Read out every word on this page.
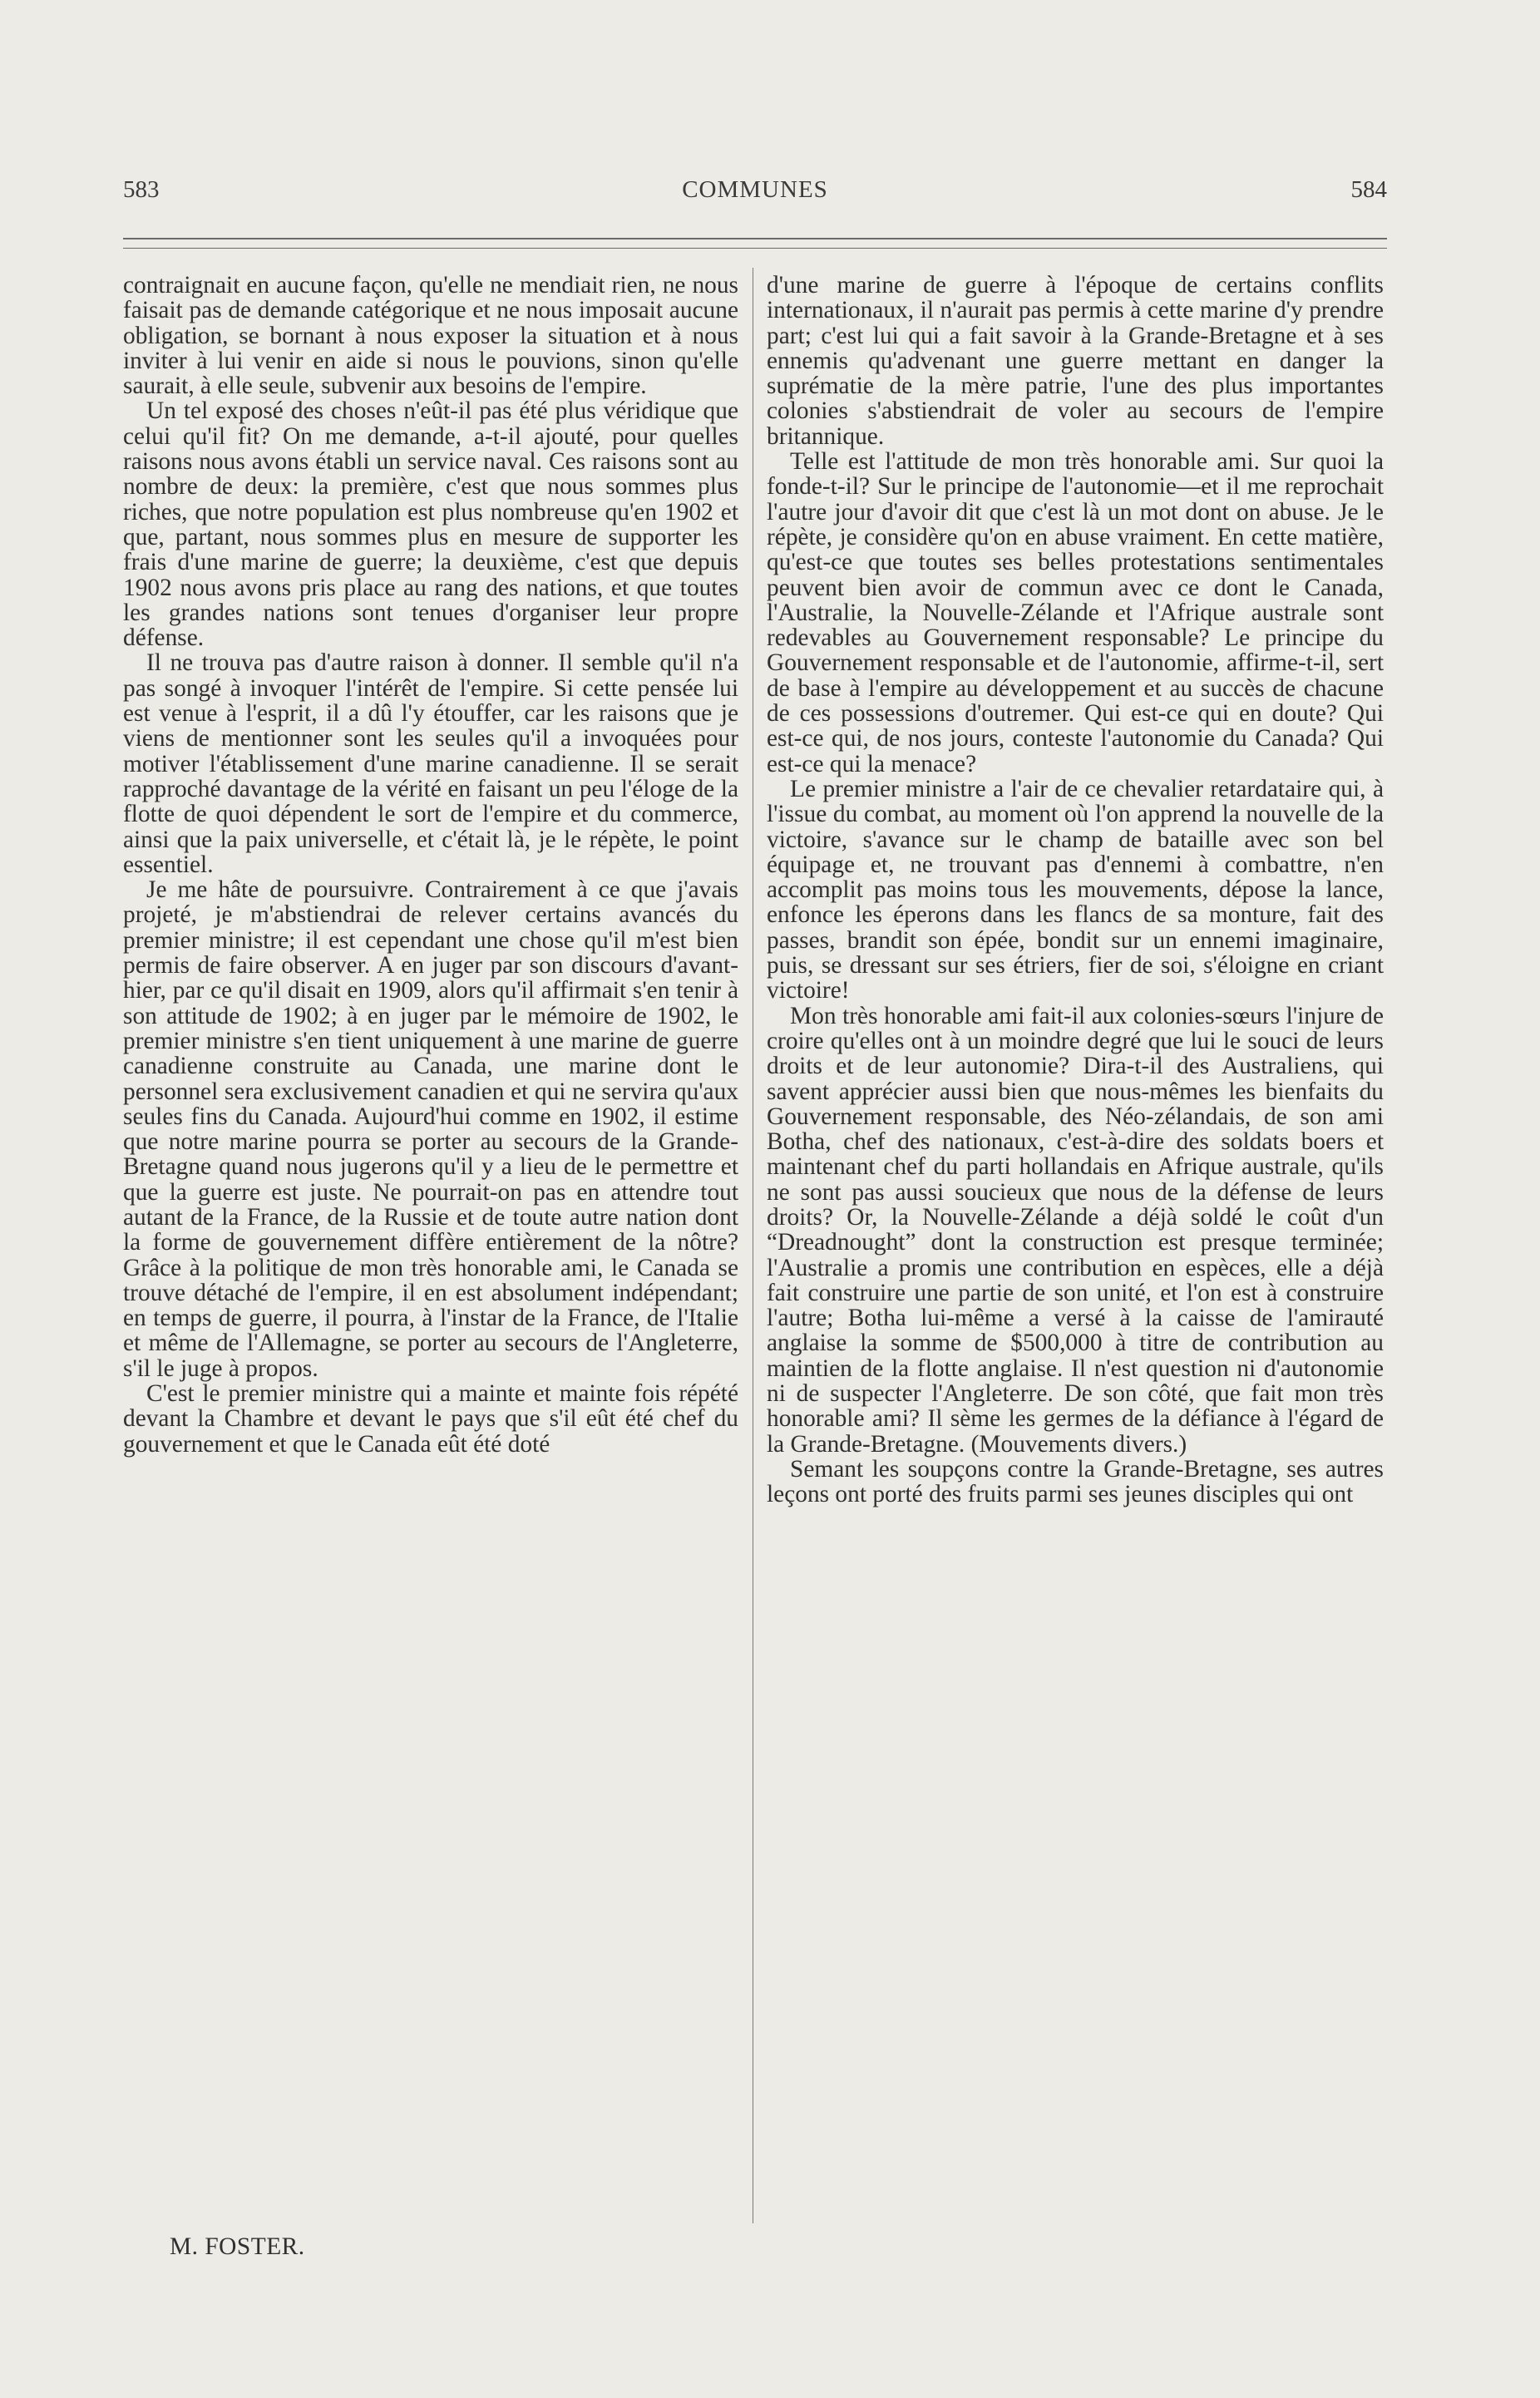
583	COMMUNES	584

contraignait en aucune façon, qu'elle ne mendiait rien, ne nous faisait pas de demande catégorique et ne nous imposait aucune obligation, se bornant à nous exposer la situation et à nous inviter à lui venir en aide si nous le pouvions, sinon qu'elle saurait, à elle seule, subvenir aux besoins de l'empire.

Un tel exposé des choses n'eût-il pas été plus véridique que celui qu'il fit? On me demande, a-t-il ajouté, pour quelles raisons nous avons établi un service naval. Ces raisons sont au nombre de deux: la première, c'est que nous sommes plus riches, que notre population est plus nombreuse qu'en 1902 et que, partant, nous sommes plus en mesure de supporter les frais d'une marine de guerre; la deuxième, c'est que depuis 1902 nous avons pris place au rang des nations, et que toutes les grandes nations sont tenues d'organiser leur propre défense.

Il ne trouva pas d'autre raison à donner. Il semble qu'il n'a pas songé à invoquer l'intérêt de l'empire. Si cette pensée lui est venue à l'esprit, il a dû l'y étouffer, car les raisons que je viens de mentionner sont les seules qu'il a invoquées pour motiver l'établissement d'une marine canadienne. Il se serait rapproché davantage de la vérité en faisant un peu l'éloge de la flotte de quoi dépendent le sort de l'empire et du commerce, ainsi que la paix universelle, et c'était là, je le répète, le point essentiel.

Je me hâte de poursuivre. Contrairement à ce que j'avais projeté, je m'abstiendrai de relever certains avancés du premier ministre; il est cependant une chose qu'il m'est bien permis de faire observer. A en juger par son discours d'avant-hier, par ce qu'il disait en 1909, alors qu'il affirmait s'en tenir à son attitude de 1902; à en juger par le mémoire de 1902, le premier ministre s'en tient uniquement à une marine de guerre canadienne construite au Canada, une marine dont le personnel sera exclusivement canadien et qui ne servira qu'aux seules fins du Canada. Aujourd'hui comme en 1902, il estime que notre marine pourra se porter au secours de la Grande-Bretagne quand nous jugerons qu'il y a lieu de le permettre et que la guerre est juste. Ne pourrait-on pas en attendre tout autant de la France, de la Russie et de toute autre nation dont la forme de gouvernement diffère entièrement de la nôtre? Grâce à la politique de mon très honorable ami, le Canada se trouve détaché de l'empire, il en est absolument indépendant; en temps de guerre, il pourra, à l'instar de la France, de l'Italie et même de l'Allemagne, se porter au secours de l'Angleterre, s'il le juge à propos.

C'est le premier ministre qui a mainte et mainte fois répété devant la Chambre et devant le pays que s'il eût été chef du gouvernement et que le Canada eût été doté

d'une marine de guerre à l'époque de certains conflits internationaux, il n'aurait pas permis à cette marine d'y prendre part; c'est lui qui a fait savoir à la Grande-Bretagne et à ses ennemis qu'advenant une guerre mettant en danger la suprématie de la mère patrie, l'une des plus importantes colonies s'abstiendrait de voler au secours de l'empire britannique.

Telle est l'attitude de mon très honorable ami. Sur quoi la fonde-t-il? Sur le principe de l'autonomie—et il me reprochait l'autre jour d'avoir dit que c'est là un mot dont on abuse. Je le répète, je considère qu'on en abuse vraiment. En cette matière, qu'est-ce que toutes ses belles protestations sentimentales peuvent bien avoir de commun avec ce dont le Canada, l'Australie, la Nouvelle-Zélande et l'Afrique australe sont redevables au Gouvernement responsable? Le principe du Gouvernement responsable et de l'autonomie, affirme-t-il, sert de base à l'empire au développement et au succès de chacune de ces possessions d'outremer. Qui est-ce qui en doute? Qui est-ce qui, de nos jours, conteste l'autonomie du Canada? Qui est-ce qui la menace?

Le premier ministre a l'air de ce chevalier retardataire qui, à l'issue du combat, au moment où l'on apprend la nouvelle de la victoire, s'avance sur le champ de bataille avec son bel équipage et, ne trouvant pas d'ennemi à combattre, n'en accomplit pas moins tous les mouvements, dépose la lance, enfonce les éperons dans les flancs de sa monture, fait des passes, brandit son épée, bondit sur un ennemi imaginaire, puis, se dressant sur ses étriers, fier de soi, s'éloigne en criant victoire!

Mon très honorable ami fait-il aux colonies-sœurs l'injure de croire qu'elles ont à un moindre degré que lui le souci de leurs droits et de leur autonomie? Dira-t-il des Australiens, qui savent apprécier aussi bien que nous-mêmes les bienfaits du Gouvernement responsable, des Néo-zélandais, de son ami Botha, chef des nationaux, c'est-à-dire des soldats boers et maintenant chef du parti hollandais en Afrique australe, qu'ils ne sont pas aussi soucieux que nous de la défense de leurs droits? Or, la Nouvelle-Zélande a déjà soldé le coût d'un “Dreadnought” dont la construction est presque terminée; l'Australie a promis une contribution en espèces, elle a déjà fait construire une partie de son unité, et l'on est à construire l'autre; Botha lui-même a versé à la caisse de l'amirauté anglaise la somme de $500,000 à titre de contribution au maintien de la flotte anglaise. Il n'est question ni d'autonomie ni de suspecter l'Angleterre. De son côté, que fait mon très honorable ami? Il sème les germes de la défiance à l'égard de la Grande-Bretagne. (Mouvements divers.)

Semant les soupçons contre la Grande-Bretagne, ses autres leçons ont porté des fruits parmi ses jeunes disciples qui ont

M. FOSTER.
